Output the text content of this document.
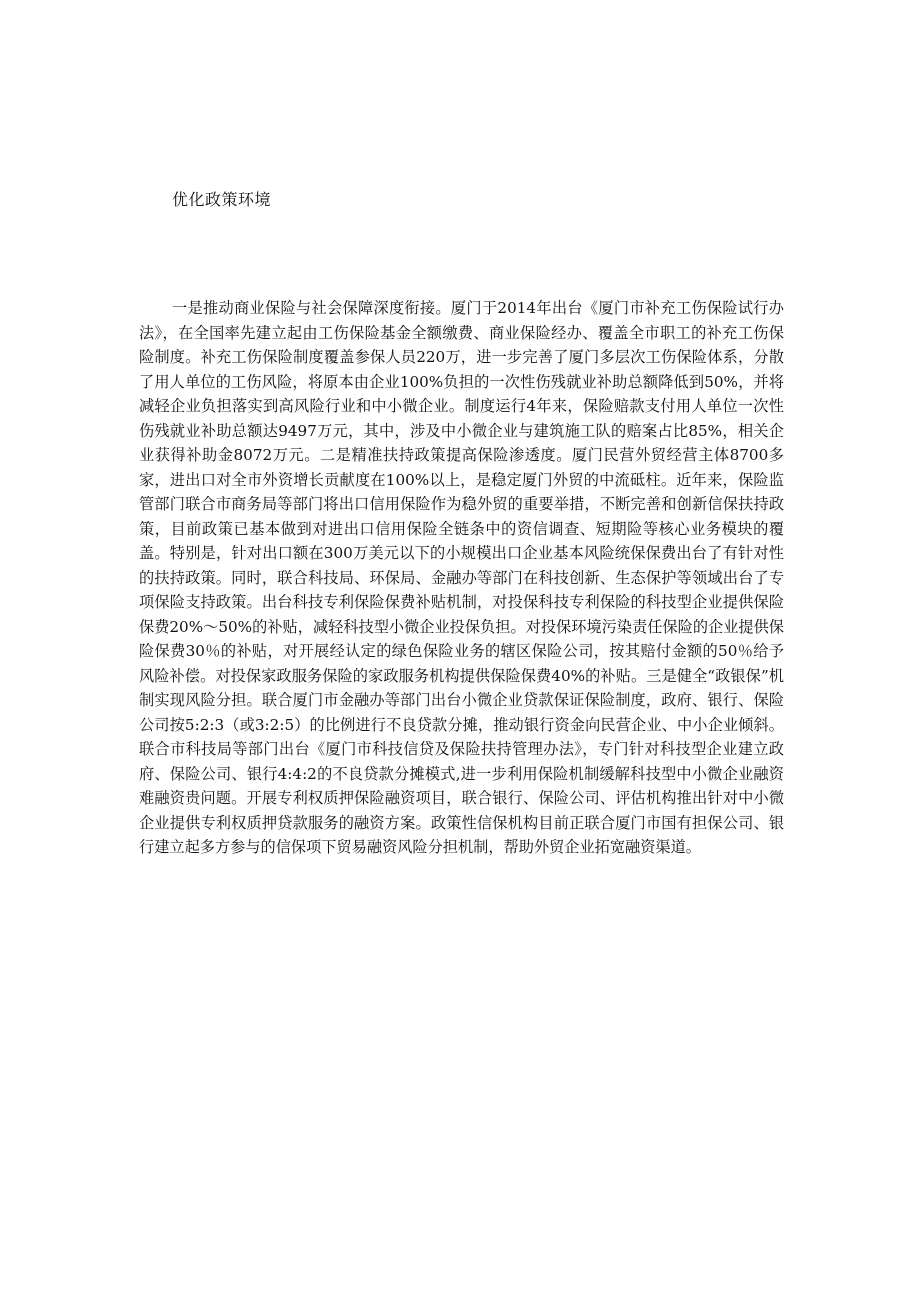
优化政策环境

一是推动商业保险与社会保障深度衔接。厦门于2014年出台《厦门市补充工伤保险试行办法》，在全国率先建立起由工伤保险基金全额缴费、商业保险经办、覆盖全市职工的补充工伤保险制度。补充工伤保险制度覆盖参保人员220万，进一步完善了厦门多层次工伤保险体系，分散了用人单位的工伤风险，将原本由企业100%负担的一次性伤残就业补助总额降低到50%，并将减轻企业负担落实到高风险行业和中小微企业。制度运行4年来，保险赔款支付用人单位一次性伤残就业补助总额达9497万元，其中，涉及中小微企业与建筑施工队的赔案占比85%，相关企业获得补助金8072万元。二是精准扶持政策提高保险渗透度。厦门民营外贸经营主体8700多家，进出口对全市外资增长贡献度在100%以上，是稳定厦门外贸的中流砥柱。近年来，保险监管部门联合市商务局等部门将出口信用保险作为稳外贸的重要举措，不断完善和创新信保扶持政策，目前政策已基本做到对进出口信用保险全链条中的资信调查、短期险等核心业务模块的覆盖。特别是，针对出口额在300万美元以下的小规模出口企业基本风险统保保费出台了有针对性的扶持政策。同时，联合科技局、环保局、金融办等部门在科技创新、生态保护等领域出台了专项保险支持政策。出台科技专利保险保费补贴机制，对投保科技专利保险的科技型企业提供保险保费20%～50%的补贴，减轻科技型小微企业投保负担。对投保环境污染责任保险的企业提供保险保费30％的补贴，对开展经认定的绿色保险业务的辖区保险公司，按其赔付金额的50％给予风险补偿。对投保家政服务保险的家政服务机构提供保险保费40%的补贴。三是健全“政银保”机制实现风险分担。联合厦门市金融办等部门出台小微企业贷款保证保险制度，政府、银行、保险公司按5:2:3（或3:2:5）的比例进行不良贷款分摊，推动银行资金向民营企业、中小企业倾斜。联合市科技局等部门出台《厦门市科技信贷及保险扶持管理办法》，专门针对科技型企业建立政府、保险公司、银行4:4:2的不良贷款分摊模式,进一步利用保险机制缓解科技型中小微企业融资难融资贵问题。开展专利权质押保险融资项目，联合银行、保险公司、评估机构推出针对中小微企业提供专利权质押贷款服务的融资方案。政策性信保机构目前正联合厦门市国有担保公司、银行建立起多方参与的信保项下贸易融资风险分担机制，帮助外贸企业拓宽融资渠道。
